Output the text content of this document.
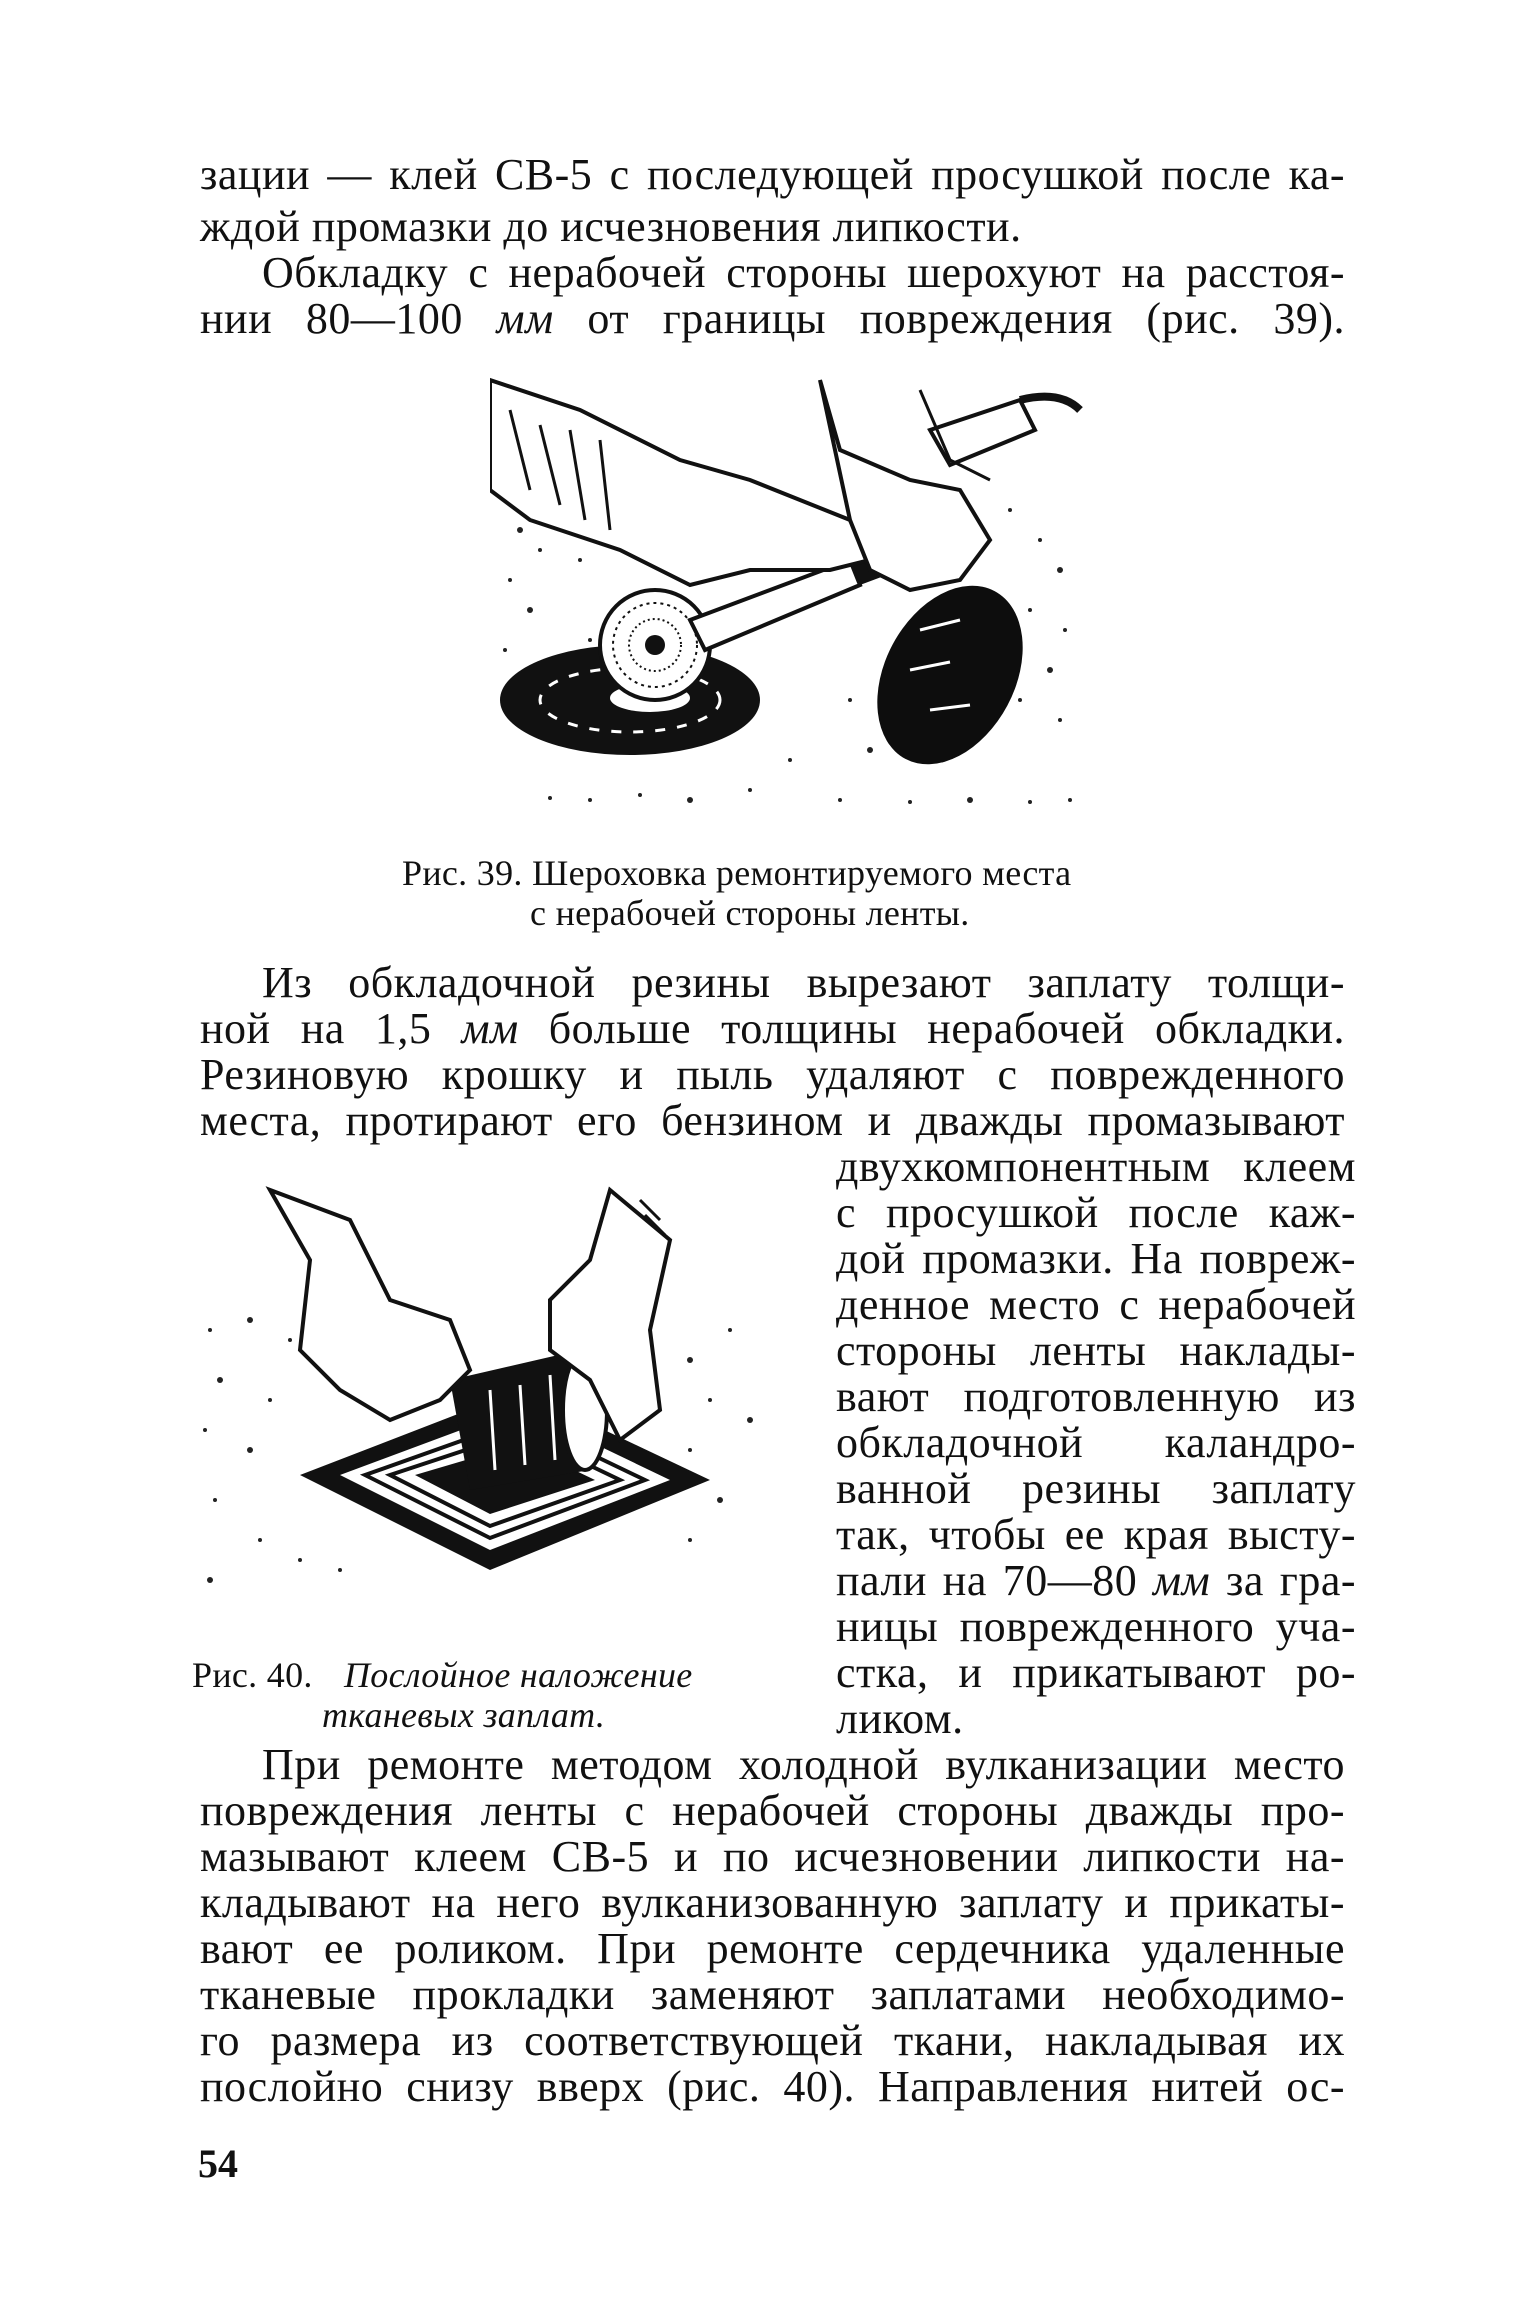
зации — клей СВ-5 с последующей просушкой после ка-
ждой промазки до исчезновения липкости.
Обкладку с нерабочей стороны шерохуют на расстоя-
нии 80—100 мм от границы повреждения (рис. 39).
Рис. 39. Шероховка ремонтируемого места
с нерабочей стороны ленты.
Из обкладочной резины вырезают заплату толщи-
ной на 1,5 мм больше толщины нерабочей обкладки.
Резиновую крошку и пыль удаляют с поврежденного
места, протирают его бензином и дважды промазывают
двухкомпонентным клеем
с просушкой после каж-
дой промазки. На повреж-
денное место с нерабочей
стороны ленты наклады-
вают подготовленную из
обкладочной каландро-
ванной резины заплату
так, чтобы ее края высту-
пали на 70—80 мм за гра-
ницы поврежденного уча-
стка, и прикатывают ро-
ликом.
Рис. 40. Послойное наложение
тканевых заплат.
При ремонте методом холодной вулканизации место
повреждения ленты с нерабочей стороны дважды про-
мазывают клеем СВ-5 и по исчезновении липкости на-
кладывают на него вулканизованную заплату и прикаты-
вают ее роликом. При ремонте сердечника удаленные
тканевые прокладки заменяют заплатами необходимо-
го размера из соответствующей ткани, накладывая их
послойно снизу вверх (рис. 40). Направления нитей ос-
54
